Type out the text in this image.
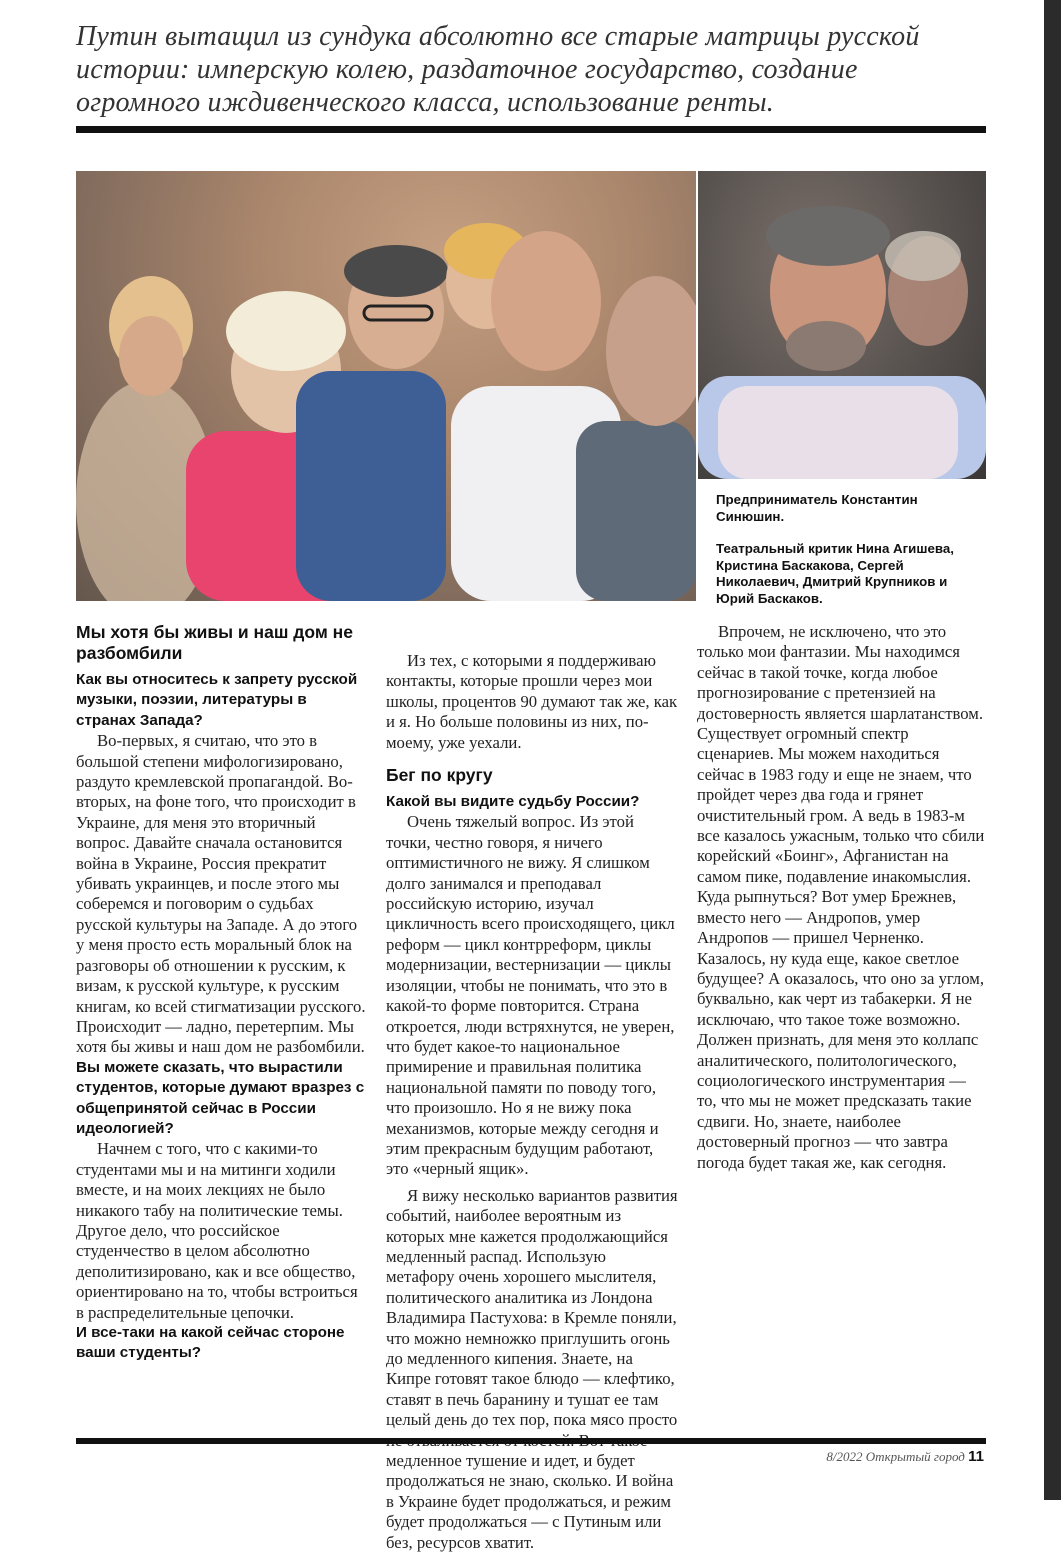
Путин вытащил из сундука абсолютно все старые матрицы русской истории: имперскую колею, раздаточное государство, создание огромного иждивенческого класса, использование ренты.
Предприниматель Константин Синюшин.
Театральный критик Нина Агишева, Кристина Баскакова, Сергей Николаевич, Дмитрий Крупников и Юрий Баскаков.

Мы хотя бы живы и наш дом не разбомбили

Как вы относитесь к запрету русской музыки, поэзии, литературы в странах Запада?

Во-первых, я считаю, что это в большой степени мифологизировано, раздуто кремлевской пропагандой. Во-вторых, на фоне того, что происходит в Украине, для меня это вторичный вопрос. Давайте сначала остановится война в Украине, Россия прекратит убивать украинцев, и после этого мы соберемся и поговорим о судьбах русской культуры на Западе. А до этого у меня просто есть моральный блок на разговоры об отношении к русским, к визам, к русской культуре, к русским книгам, ко всей стигматизации русского. Происходит — ладно, перетерпим. Мы хотя бы живы и наш дом не разбомбили.

Вы можете сказать, что вырастили студентов, которые думают вразрез с общепринятой сейчас в России идеологией?

Начнем с того, что с какими-то студентами мы и на митинги ходили вместе, и на моих лекциях не было никакого табу на политические темы. Другое дело, что российское студенчество в целом абсолютно деполитизировано, как и все общество, ориентировано на то, чтобы встроиться в распределительные цепочки.

И все-таки на какой сейчас стороне ваши студенты?

Из тех, с которыми я поддерживаю контакты, которые прошли через мои школы, процентов 90 думают так же, как и я. Но больше половины из них, по-моему, уже уехали.

Бег по кругу

Какой вы видите судьбу России?

Очень тяжелый вопрос. Из этой точки, честно говоря, я ничего оптимистичного не вижу. Я слишком долго занимался и преподавал российскую историю, изучал цикличность всего происходящего, цикл реформ — цикл контрреформ, циклы модернизации, вестернизации — циклы изоляции, чтобы не понимать, что это в какой-то форме повторится. Страна откроется, люди встряхнутся, не уверен, что будет какое-то национальное примирение и правильная политика национальной памяти по поводу того, что произошло. Но я не вижу пока механизмов, которые между сегодня и этим прекрасным будущим работают, это «черный ящик».

Я вижу несколько вариантов развития событий, наиболее вероятным из которых мне кажется продолжающийся медленный распад. Использую метафору очень хорошего мыслителя, политического аналитика из Лондона Владимира Пастухова: в Кремле поняли, что можно немножко приглушить огонь до медленного кипения. Знаете, на Кипре готовят такое блюдо — клефтико, ставят в печь баранину и тушат ее там целый день до тех пор, пока мясо просто медленное тушение и идет, и будет продолжаться не знаю, сколько. И война в Украине будет продолжаться, и режим будет продолжаться — с Путиным или без, ресурсов хватит.

Впрочем, не исключено, что это только мои фантазии. Мы находимся сейчас в такой точке, когда любое прогнозирование с претензией на достоверность является шарлатанством. Существует огромный спектр сценариев. Мы можем находиться сейчас в 1983 году и еще не знаем, что пройдет через два года и грянет очистительный гром. А ведь в 1983-м все казалось ужасным, только что сбили корейский «Боинг», Афганистан на самом пике, подавление инакомыслия. Куда рыпнуться? Вот умер Брежнев, вместо него — Андропов, умер Андропов — пришел Черненко. Казалось, ну куда еще, какое светлое будущее? А оказалось, что оно за углом, буквально, как черт из табакерки. Я не исключаю, что такое тоже возможно. Должен признать, для меня это коллапс аналитического, политологического, социологического инструментария — то, что мы не может предсказать такие сдвиги. Но, знаете, наиболее достоверный прогноз — что завтра погода будет такая же, как сегодня.

8/2022 Открытый город 11
